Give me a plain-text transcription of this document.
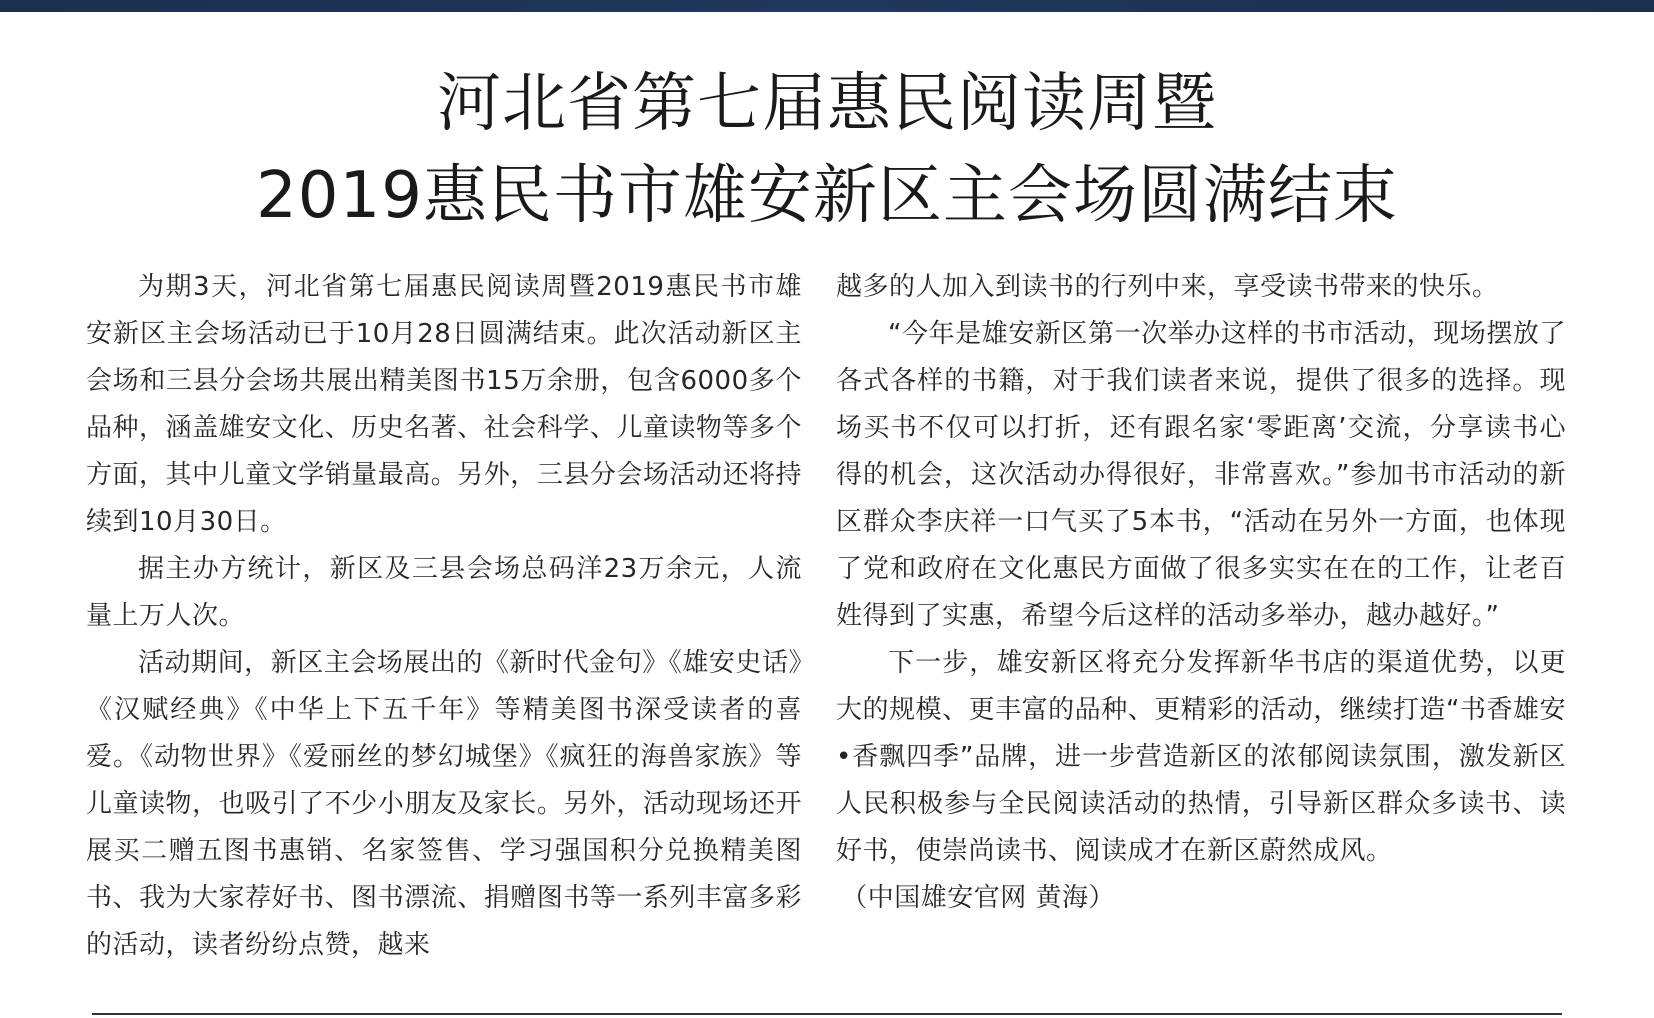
河北省第七届惠民阅读周暨
2019惠民书市雄安新区主会场圆满结束

为期3天，河北省第七届惠民阅读周暨2019惠民书市雄安新区主会场活动已于10月28日圆满结束。此次活动新区主会场和三县分会场共展出精美图书15万余册，包含6000多个品种，涵盖雄安文化、历史名著、社会科学、儿童读物等多个方面，其中儿童文学销量最高。另外，三县分会场活动还将持续到10月30日。

据主办方统计，新区及三县会场总码洋23万余元，人流量上万人次。

活动期间，新区主会场展出的《新时代金句》《雄安史话》《汉赋经典》《中华上下五千年》等精美图书深受读者的喜爱。《动物世界》《爱丽丝的梦幻城堡》《疯狂的海兽家族》等儿童读物，也吸引了不少小朋友及家长。另外，活动现场还开展买二赠五图书惠销、名家签售、学习强国积分兑换精美图书、我为大家荐好书、图书漂流、捐赠图书等一系列丰富多彩的活动，读者纷纷点赞，越来

越多的人加入到读书的行列中来，享受读书带来的快乐。

“今年是雄安新区第一次举办这样的书市活动，现场摆放了各式各样的书籍，对于我们读者来说，提供了很多的选择。现场买书不仅可以打折，还有跟名家‘零距离’交流，分享读书心得的机会，这次活动办得很好，非常喜欢。”参加书市活动的新区群众李庆祥一口气买了5本书，“活动在另外一方面，也体现了党和政府在文化惠民方面做了很多实实在在的工作，让老百姓得到了实惠，希望今后这样的活动多举办，越办越好。”

下一步，雄安新区将充分发挥新华书店的渠道优势，以更大的规模、更丰富的品种、更精彩的活动，继续打造“书香雄安•香飘四季”品牌，进一步营造新区的浓郁阅读氛围，激发新区人民积极参与全民阅读活动的热情，引导新区群众多读书、读好书，使崇尚读书、阅读成才在新区蔚然成风。

（中国雄安官网 黄海）
